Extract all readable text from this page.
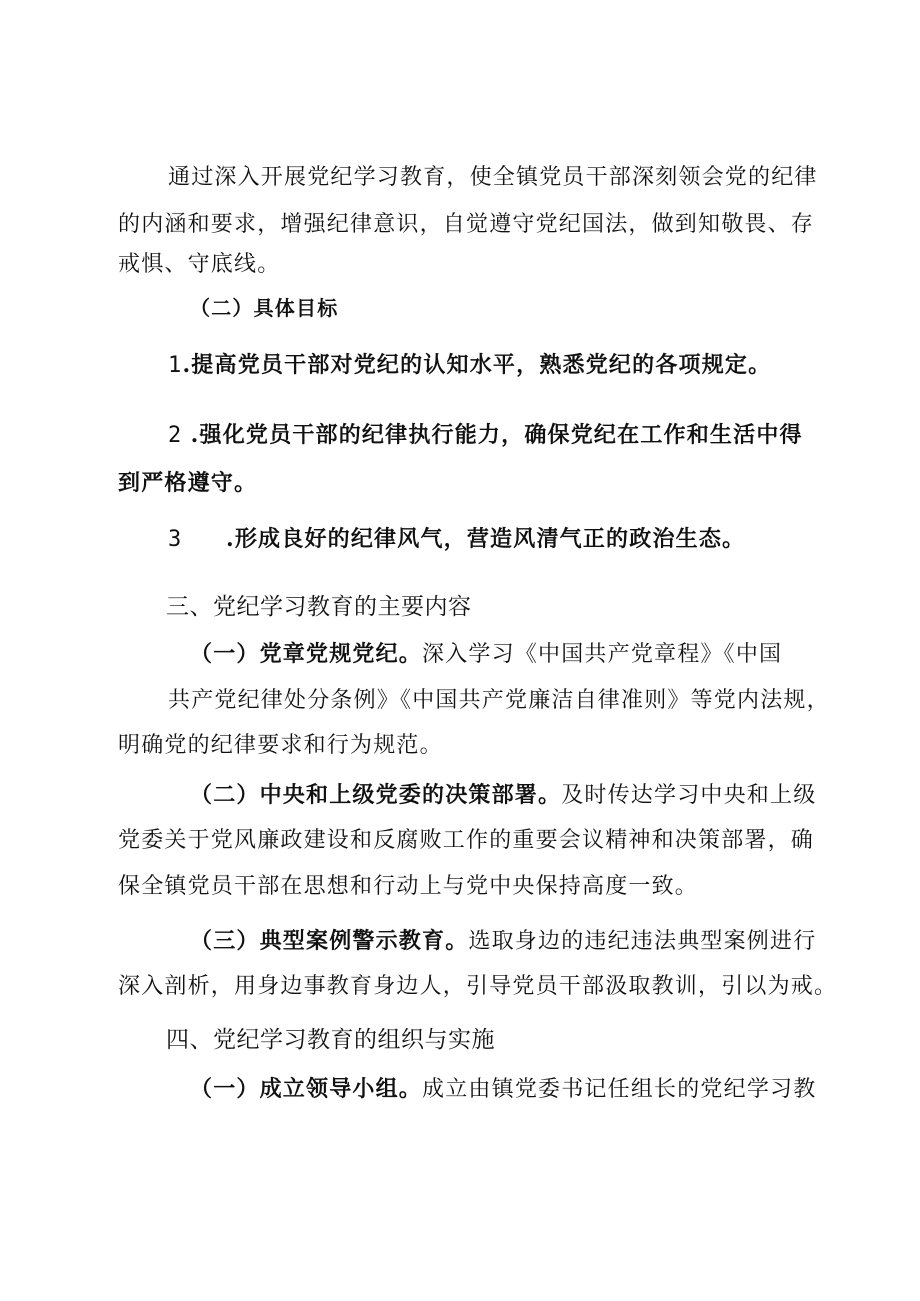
通过深入开展党纪学习教育，使全镇党员干部深刻领会党的纪律
的内涵和要求，增强纪律意识，自觉遵守党纪国法，做到知敬畏、存
戒惧、守底线。
（二）具体目标
1.提高党员干部对党纪的认知水平，熟悉党纪的各项规定。
2 .强化党员干部的纪律执行能力，确保党纪在工作和生活中得
到严格遵守。
3 .形成良好的纪律风气，营造风清气正的政治生态。
三、党纪学习教育的主要内容
（一）党章党规党纪。深入学习《中国共产党章程》《中国
共产党纪律处分条例》《中国共产党廉洁自律准则》等党内法规，
明确党的纪律要求和行为规范。
（二）中央和上级党委的决策部署。及时传达学习中央和上级
党委关于党风廉政建设和反腐败工作的重要会议精神和决策部署，确
保全镇党员干部在思想和行动上与党中央保持高度一致。
（三）典型案例警示教育。选取身边的违纪违法典型案例进行
深入剖析，用身边事教育身边人，引导党员干部汲取教训，引以为戒。
四、党纪学习教育的组织与实施
（一）成立领导小组。成立由镇党委书记任组长的党纪学习教
